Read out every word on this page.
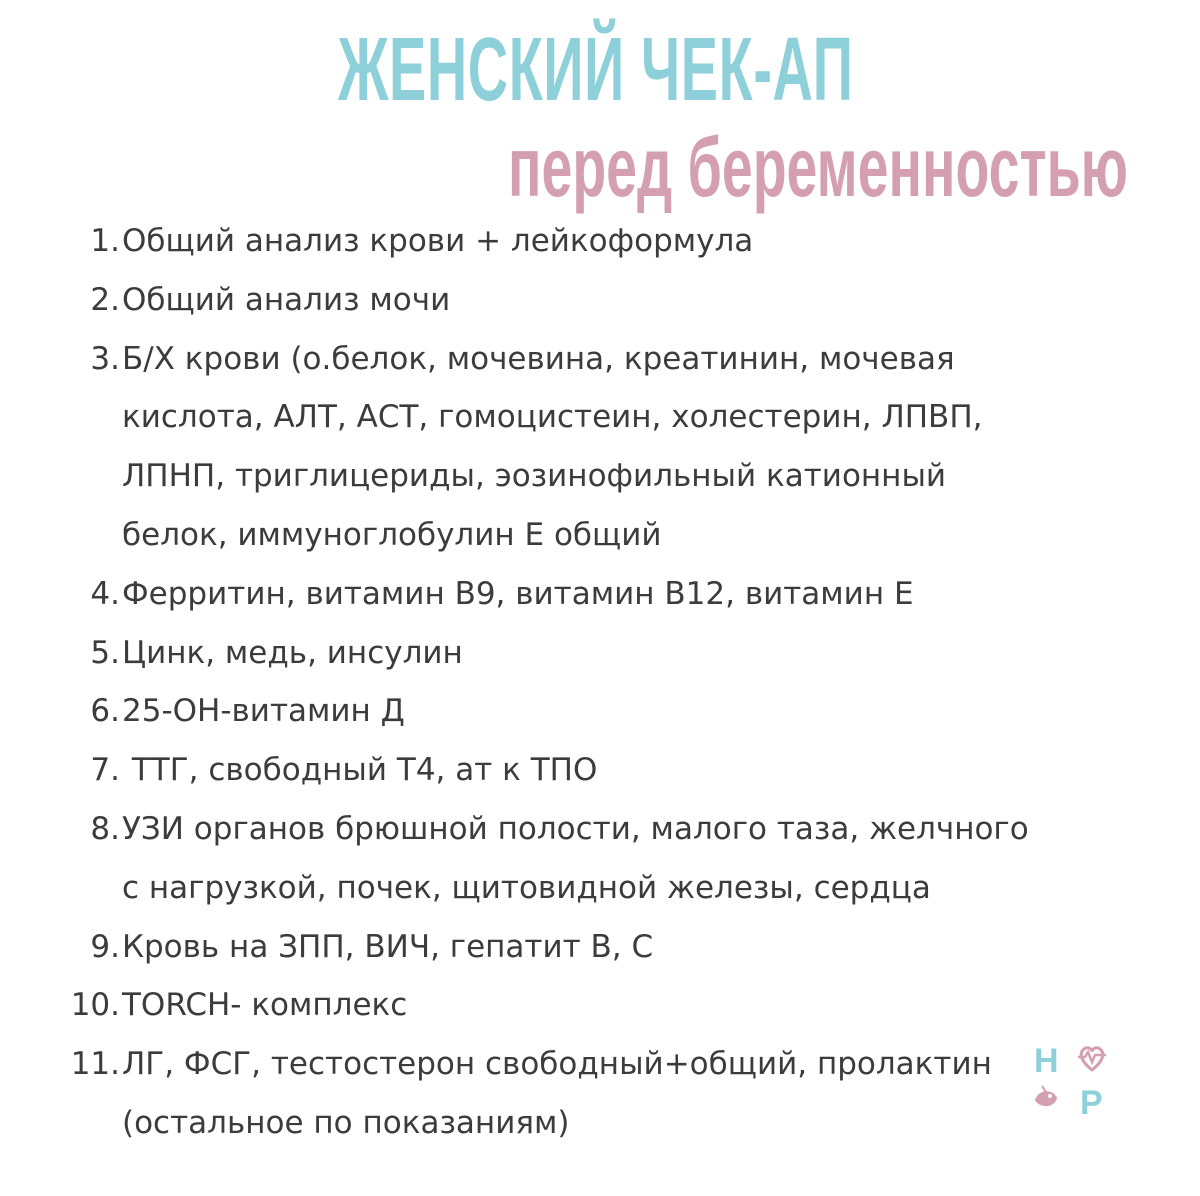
ЖЕНСКИЙ ЧЕК-АП
перед беременностью
1. Общий анализ крови + лейкоформула
2. Общий анализ мочи
3. Б/Х крови (о.белок, мочевина, креатинин, мочевая
кислота, АЛТ, АСТ, гомоцистеин, холестерин, ЛПВП,
ЛПНП, триглицериды, эозинофильный катионный
белок, иммуноглобулин Е общий
4. Ферритин, витамин В9, витамин В12, витамин Е
5. Цинк, медь, инсулин
6. 25-ОН-витамин Д
7. ТТГ, свободный Т4, ат к ТПО
8. УЗИ органов брюшной полости, малого таза, желчного
с нагрузкой, почек, щитовидной железы, сердца
9. Кровь на ЗПП, ВИЧ, гепатит В, С
10. TORCH- комплекс
11. ЛГ, ФСГ, тестостерон свободный+общий, пролактин
(остальное по показаниям)
Н
Р
